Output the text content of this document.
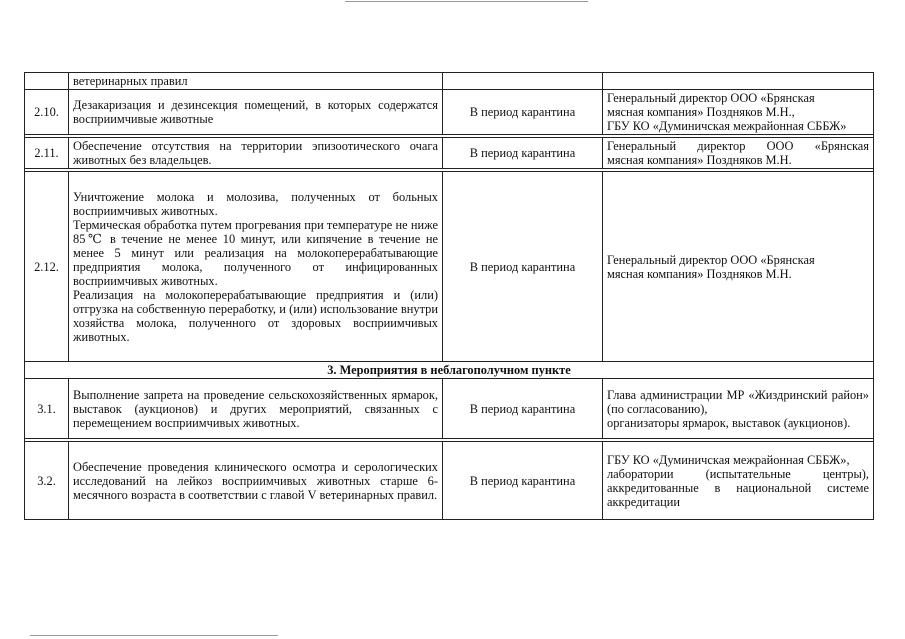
	ветеринарных правил		
2.10.	Дезакаризация и дезинсекция помещений, в которых содержатся восприимчивые животные	В период карантина	Генеральный директор ООО «Брянская
мясная компания» Поздняков М.Н.,
ГБУ КО «Думиничская межрайонная СББЖ»

2.11.	Обеспечение отсутствия на территории эпизоотического очага животных без владельцев.	В период карантина	Генеральный директор ООО «Брянская
мясная компания» Поздняков М.Н.

2.12.	Уничтожение молока и молозива, полученных от больных восприимчивых животных.
Термическая обработка путем прогревания при температуре не ниже 85℃ в течение не менее 10 минут, или кипячение в течение не менее 5 минут или реализация на молокоперерабатывающие предприятия молока, полученного от инфицированных восприимчивых животных.
Реализация на молокоперерабатывающие предприятия и (или) отгрузка на собственную переработку, и (или) использование внутри хозяйства молока, полученного от здоровых восприимчивых животных.	В период карантина	Генеральный директор ООО «Брянская
мясная компания» Поздняков М.Н.

3. Мероприятия в неблагополучном пункте			
3.1.	Выполнение запрета на проведение сельскохозяйственных ярмарок, выставок (аукционов) и других мероприятий, связанных с перемещением восприимчивых животных.	В период карантина	Глава администрации МР «Жиздринский район» (по согласованию),
организаторы ярмарок, выставок (аукционов).

3.2.	Обеспечение проведения клинического осмотра и серологических исследований на лейкоз восприимчивых животных старше 6-месячного возраста в соответствии с главой V ветеринарных правил.	В период карантина	ГБУ КО «Думиничская межрайонная СББЖ»,
лаборатории (испытательные центры), аккредитованные в национальной системе аккредитации
